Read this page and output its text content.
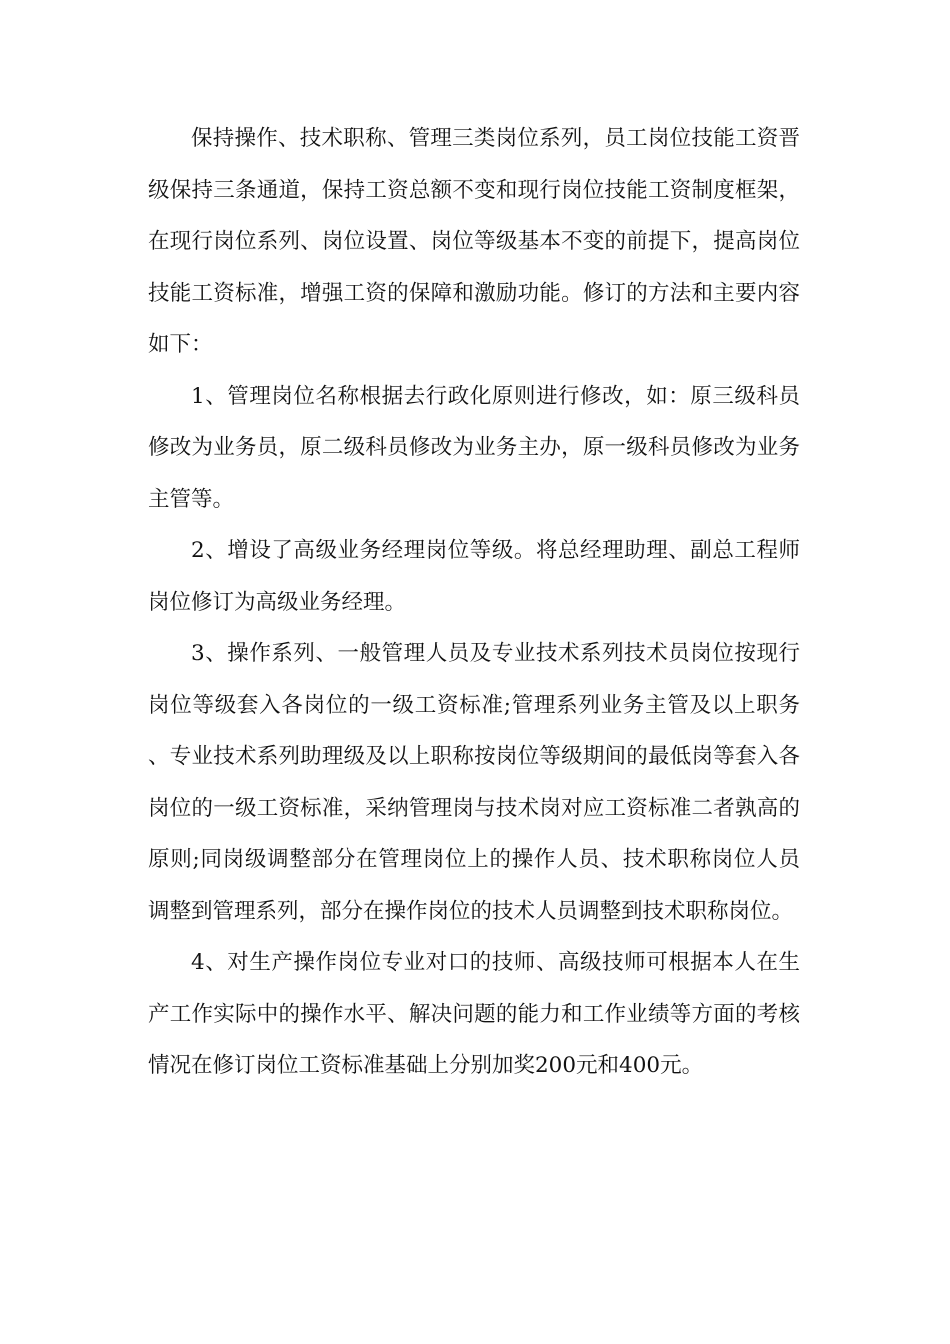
保持操作、技术职称、管理三类岗位系列，员工岗位技能工资晋级保持三条通道，保持工资总额不变和现行岗位技能工资制度框架，在现行岗位系列、岗位设置、岗位等级基本不变的前提下，提高岗位技能工资标准，增强工资的保障和激励功能。修订的方法和主要内容如下：

1、管理岗位名称根据去行政化原则进行修改，如：原三级科员修改为业务员，原二级科员修改为业务主办，原一级科员修改为业务主管等。

2、增设了高级业务经理岗位等级。将总经理助理、副总工程师岗位修订为高级业务经理。

3、操作系列、一般管理人员及专业技术系列技术员岗位按现行岗位等级套入各岗位的一级工资标准;管理系列业务主管及以上职务、专业技术系列助理级及以上职称按岗位等级期间的最低岗等套入各岗位的一级工资标准，采纳管理岗与技术岗对应工资标准二者孰高的原则;同岗级调整部分在管理岗位上的操作人员、技术职称岗位人员调整到管理系列，部分在操作岗位的技术人员调整到技术职称岗位。

4、对生产操作岗位专业对口的技师、高级技师可根据本人在生产工作实际中的操作水平、解决问题的能力和工作业绩等方面的考核情况在修订岗位工资标准基础上分别加奖200元和400元。
